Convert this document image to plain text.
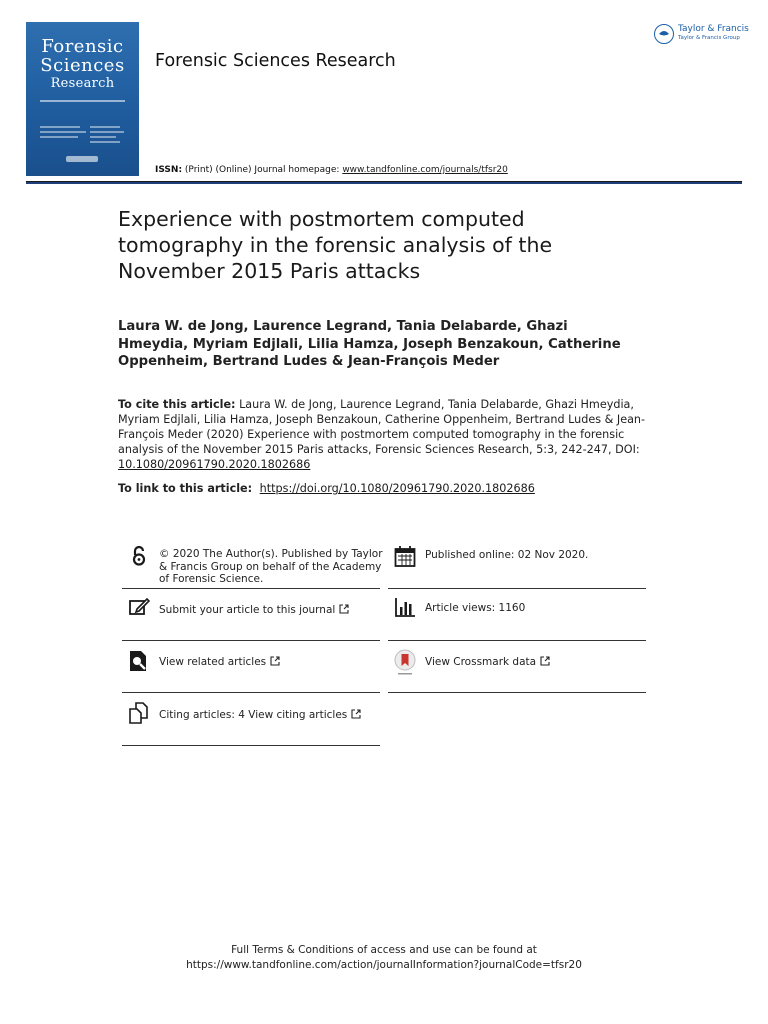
Forensic
Sciences
Research
Forensic Sciences Research
ISSN: (Print) (Online) Journal homepage: www.tandfonline.com/journals/tfsr20
Taylor & Francis
Taylor & Francis Group
Experience with postmortem computed tomography in the forensic analysis of the November 2015 Paris attacks
Laura W. de Jong, Laurence Legrand, Tania Delabarde, Ghazi Hmeydia, Myriam Edjlali, Lilia Hamza, Joseph Benzakoun, Catherine Oppenheim, Bertrand Ludes & Jean-François Meder
To cite this article: Laura W. de Jong, Laurence Legrand, Tania Delabarde, Ghazi Hmeydia, Myriam Edjlali, Lilia Hamza, Joseph Benzakoun, Catherine Oppenheim, Bertrand Ludes & Jean-François Meder (2020) Experience with postmortem computed tomography in the forensic analysis of the November 2015 Paris attacks, Forensic Sciences Research, 5:3, 242-247, DOI: 10.1080/20961790.2020.1802686
To link to this article: https://doi.org/10.1080/20961790.2020.1802686
© 2020 The Author(s). Published by Taylor & Francis Group on behalf of the Academy of Forensic Science.
Submit your article to this journal
View related articles
Citing articles: 4 View citing articles
Published online: 02 Nov 2020.
Article views: 1160
View Crossmark data
Full Terms & Conditions of access and use can be found at
https://www.tandfonline.com/action/journalInformation?journalCode=tfsr20
